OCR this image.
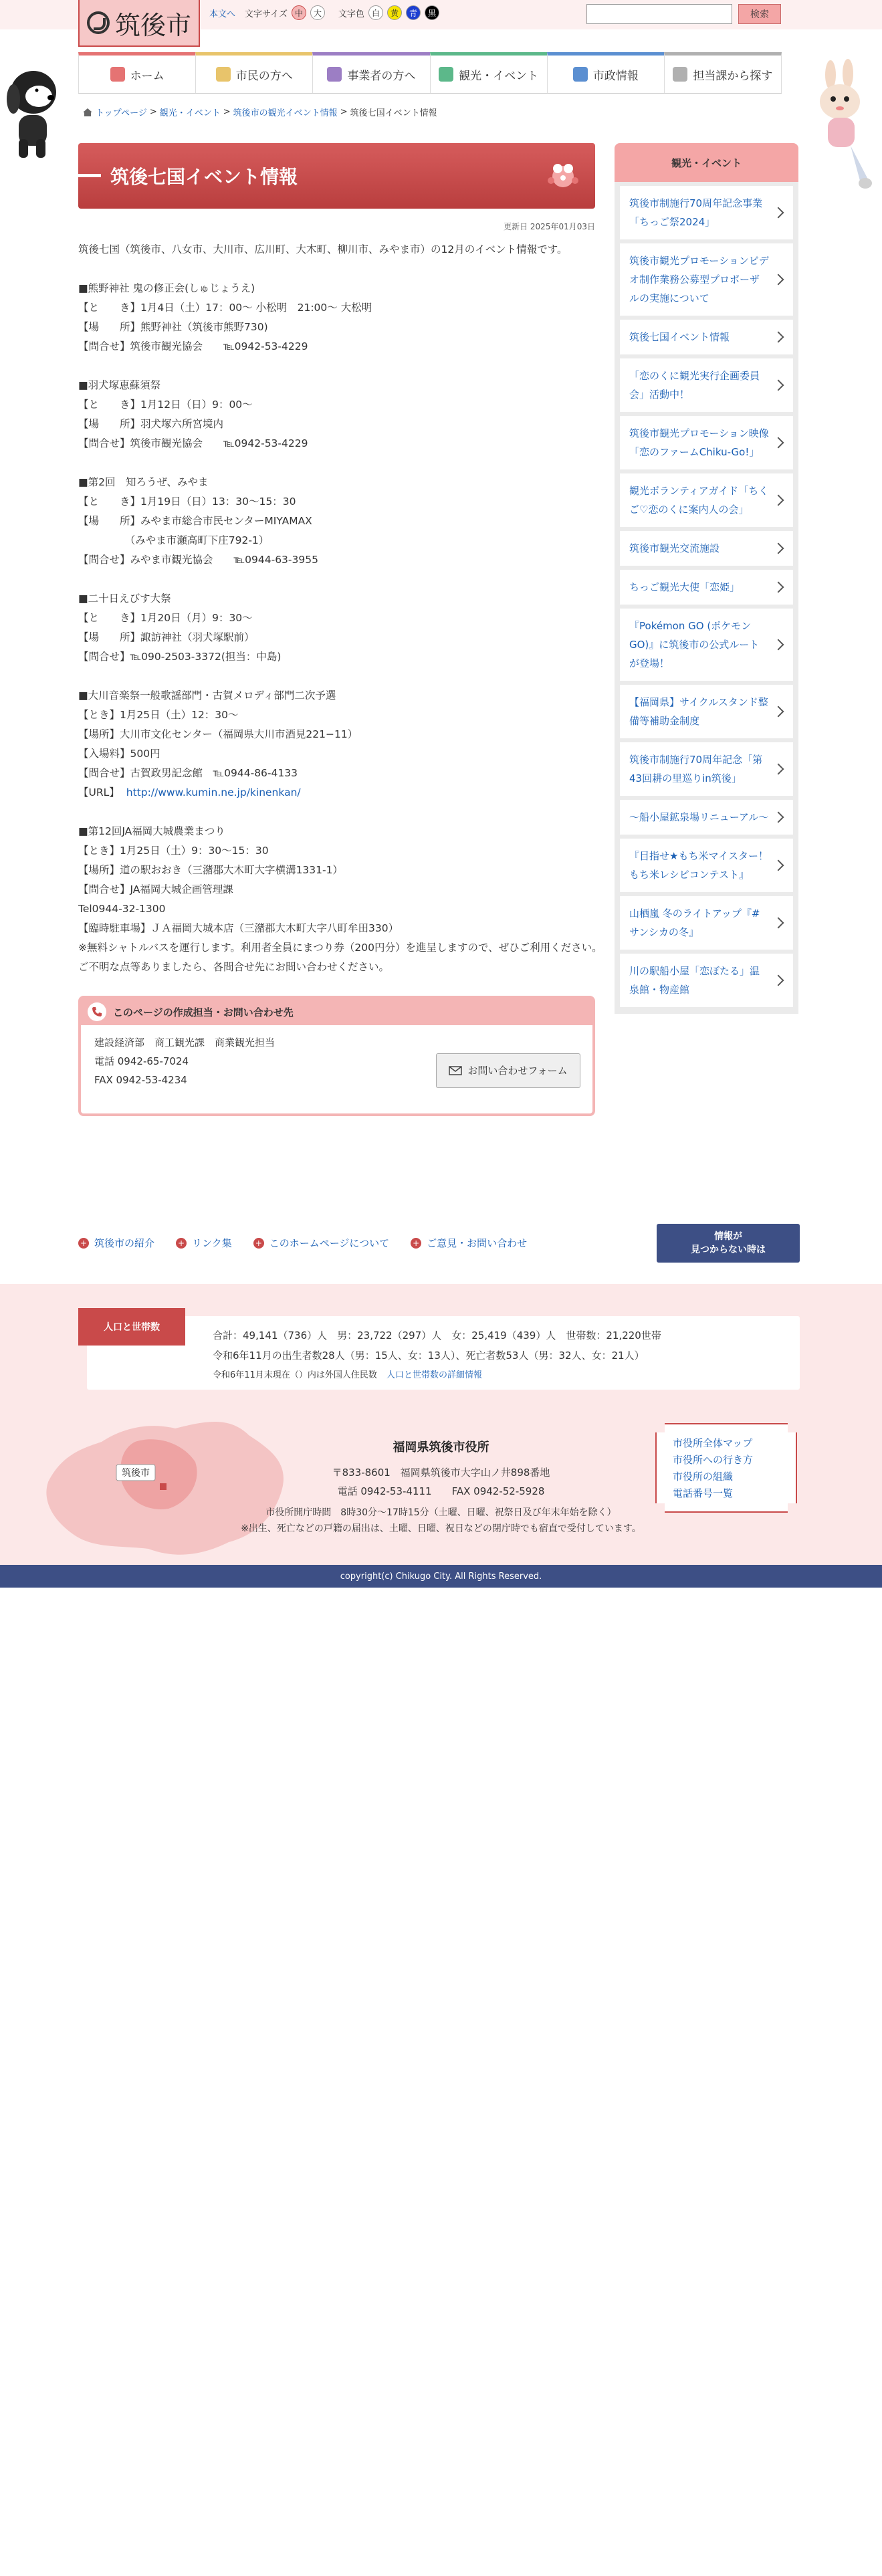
筑後市 本文へ 文字サイズ 中	大	文字色 白	黄	青	黒	検索
ホーム	市民の方へ	事業者の方へ	観光・イベント	市政情報	担当課から探す
トップページ > 観光・イベント > 筑後市の観光イベント情報 > 筑後七国イベント情報
筑後七国イベント情報
更新日 2025年01月03日

筑後七国（筑後市、八女市、大川市、広川町、大木町、柳川市、みやま市）の12月のイベント情報です。

■熊野神社 鬼の修正会(しゅじょうえ)

【と　　き】1月4日（土）17：00～ 小松明　21:00～ 大松明

【場　　所】熊野神社（筑後市熊野730)

【問合せ】筑後市観光協会　　℡0942-53-4229

■羽犬塚恵蘇須祭

【と　　き】1月12日（日）9：00～

【場　　所】羽犬塚六所宮境内

【問合せ】筑後市観光協会　　℡0942-53-4229

■第2回　知ろうぜ、みやま

【と　　き】1月19日（日）13：30～15：30

【場　　所】みやま市総合市民センターMIYAMAX

　　　　　（みやま市瀬高町下庄792-1）

【問合せ】みやま市観光協会　　℡0944-63-3955

■二十日えびす大祭

【と　　き】1月20日（月）9：30～

【場　　所】諏訪神社（羽犬塚駅前）

【問合せ】℡090-2503-3372(担当：中島)

■大川音楽祭一般歌謡部門・古賀メロディ部門二次予選

【とき】1月25日（土）12：30～

【場所】大川市文化センター（福岡県大川市酒見221−11）

【入場料】500円

【問合せ】古賀政男記念館　℡0944-86-4133

【URL】 http://www.kumin.ne.jp/kinenkan/

■第12回JA福岡大城農業まつり

【とき】1月25日（土）9：30～15：30

【場所】道の駅おおき（三潴郡大木町大字横溝1331-1）

【問合せ】JA福岡大城企画管理課

Tel0944-32-1300

【臨時駐車場】ＪＡ福岡大城本店（三潴郡大木町大字八町牟田330）

※無料シャトルバスを運行します。利用者全員にまつり券（200円分）を進呈しますので、ぜひご利用ください。

ご不明な点等ありましたら、各問合せ先にお問い合わせください。

このページの作成担当・お問い合わせ先
建設経済部　商工観光課　商業観光担当
電話 0942-65-7024
FAX 0942-53-4234
お問い合わせフォーム
観光・イベント
筑後市制施行70周年記念事業「ちっご祭2024」
筑後市観光プロモーションビデオ制作業務公募型プロポーザルの実施について
筑後七国イベント情報
「恋のくに観光実行企画委員会」活動中！
筑後市観光プロモーション映像「恋のファームChiku-Go!」
観光ボランティアガイド「ちくご♡恋のくに案内人の会」
筑後市観光交流施設
ちっご観光大使「恋姫」
『Pokémon GO (ポケモンGO)』に筑後市の公式ルートが登場！
【福岡県】サイクルスタンド整備等補助金制度
筑後市制施行70周年記念「第43回耕の里巡りin筑後」
～船小屋鉱泉場リニューアル～
『目指せ★もち米マイスター！もち米レシピコンテスト』
山栖嵐 冬のライトアップ『#サンシカの冬』
川の駅船小屋「恋ぼたる」温泉館・物産館
+ 筑後市の紹介	+ リンク集	+ このホームページについて	+ ご意見・お問い合わせ
情報が
見つからない時は
合計：49,141（736）人　男：23,722（297）人　女：25,419（439）人　世帯数：21,220世帯
令和6年11月の出生者数28人（男：15人、女：13人）、死亡者数53人（男：32人、女：21人）
令和6年11月末現在（）内は外国人住民数 人口と世帯数の詳細情報
人口と世帯数
筑後市
福岡県筑後市役所
〒833-8601　福岡県筑後市大字山ノ井898番地
電話 0942-53-4111　　FAX 0942-52-5928
市役所開庁時間　8時30分～17時15分（土曜、日曜、祝祭日及び年末年始を除く）
※出生、死亡などの戸籍の届出は、土曜、日曜、祝日などの閉庁時でも宿直で受付しています。
市役所全体マップ
市役所への行き方
市役所の組織
電話番号一覧
copyright(c) Chikugo City. All Rights Reserved.
